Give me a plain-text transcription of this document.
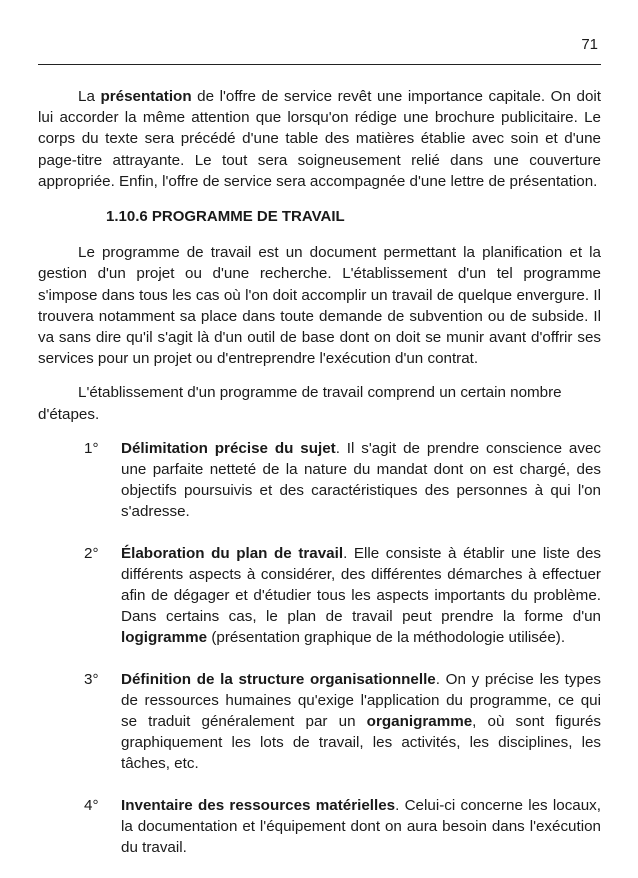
71

La présentation de l'offre de service revêt une importance capitale. On doit lui accorder la même attention que lorsqu'on rédige une brochure publicitaire. Le corps du texte sera précédé d'une table des matières établie avec soin et d'une page-titre attrayante. Le tout sera soigneusement relié dans une couverture appropriée. Enfin, l'offre de service sera accompagnée d'une lettre de présentation.

1.10.6 PROGRAMME DE TRAVAIL

Le programme de travail est un document permettant la planification et la gestion d'un projet ou d'une recherche. L'établissement d'un tel programme s'impose dans tous les cas où l'on doit accomplir un travail de quelque envergure. Il trouvera notamment sa place dans toute demande de subvention ou de subside. Il va sans dire qu'il s'agit là d'un outil de base dont on doit se munir avant d'offrir ses services pour un projet ou d'entreprendre l'exécution d'un contrat.

L'établissement d'un programme de travail comprend un certain nombre d'étapes.

1°	Délimitation précise du sujet. Il s'agit de prendre conscience avec une parfaite netteté de la nature du mandat dont on est chargé, des objectifs poursuivis et des caractéristiques des personnes à qui l'on s'adresse.
2°	Élaboration du plan de travail. Elle consiste à établir une liste des différents aspects à considérer, des différentes démarches à effectuer afin de dégager et d'étudier tous les aspects importants du problème. Dans certains cas, le plan de travail peut prendre la forme d'un logigramme (présentation graphique de la méthodologie utilisée).
3°	Définition de la structure organisationnelle. On y précise les types de ressources humaines qu'exige l'application du programme, ce qui se traduit généralement par un organigramme, où sont figurés graphiquement les lots de travail, les activités, les disciplines, les tâches, etc.
4°	Inventaire des ressources matérielles. Celui-ci concerne les locaux, la documentation et l'équipement dont on aura besoin dans l'exécution du travail.
